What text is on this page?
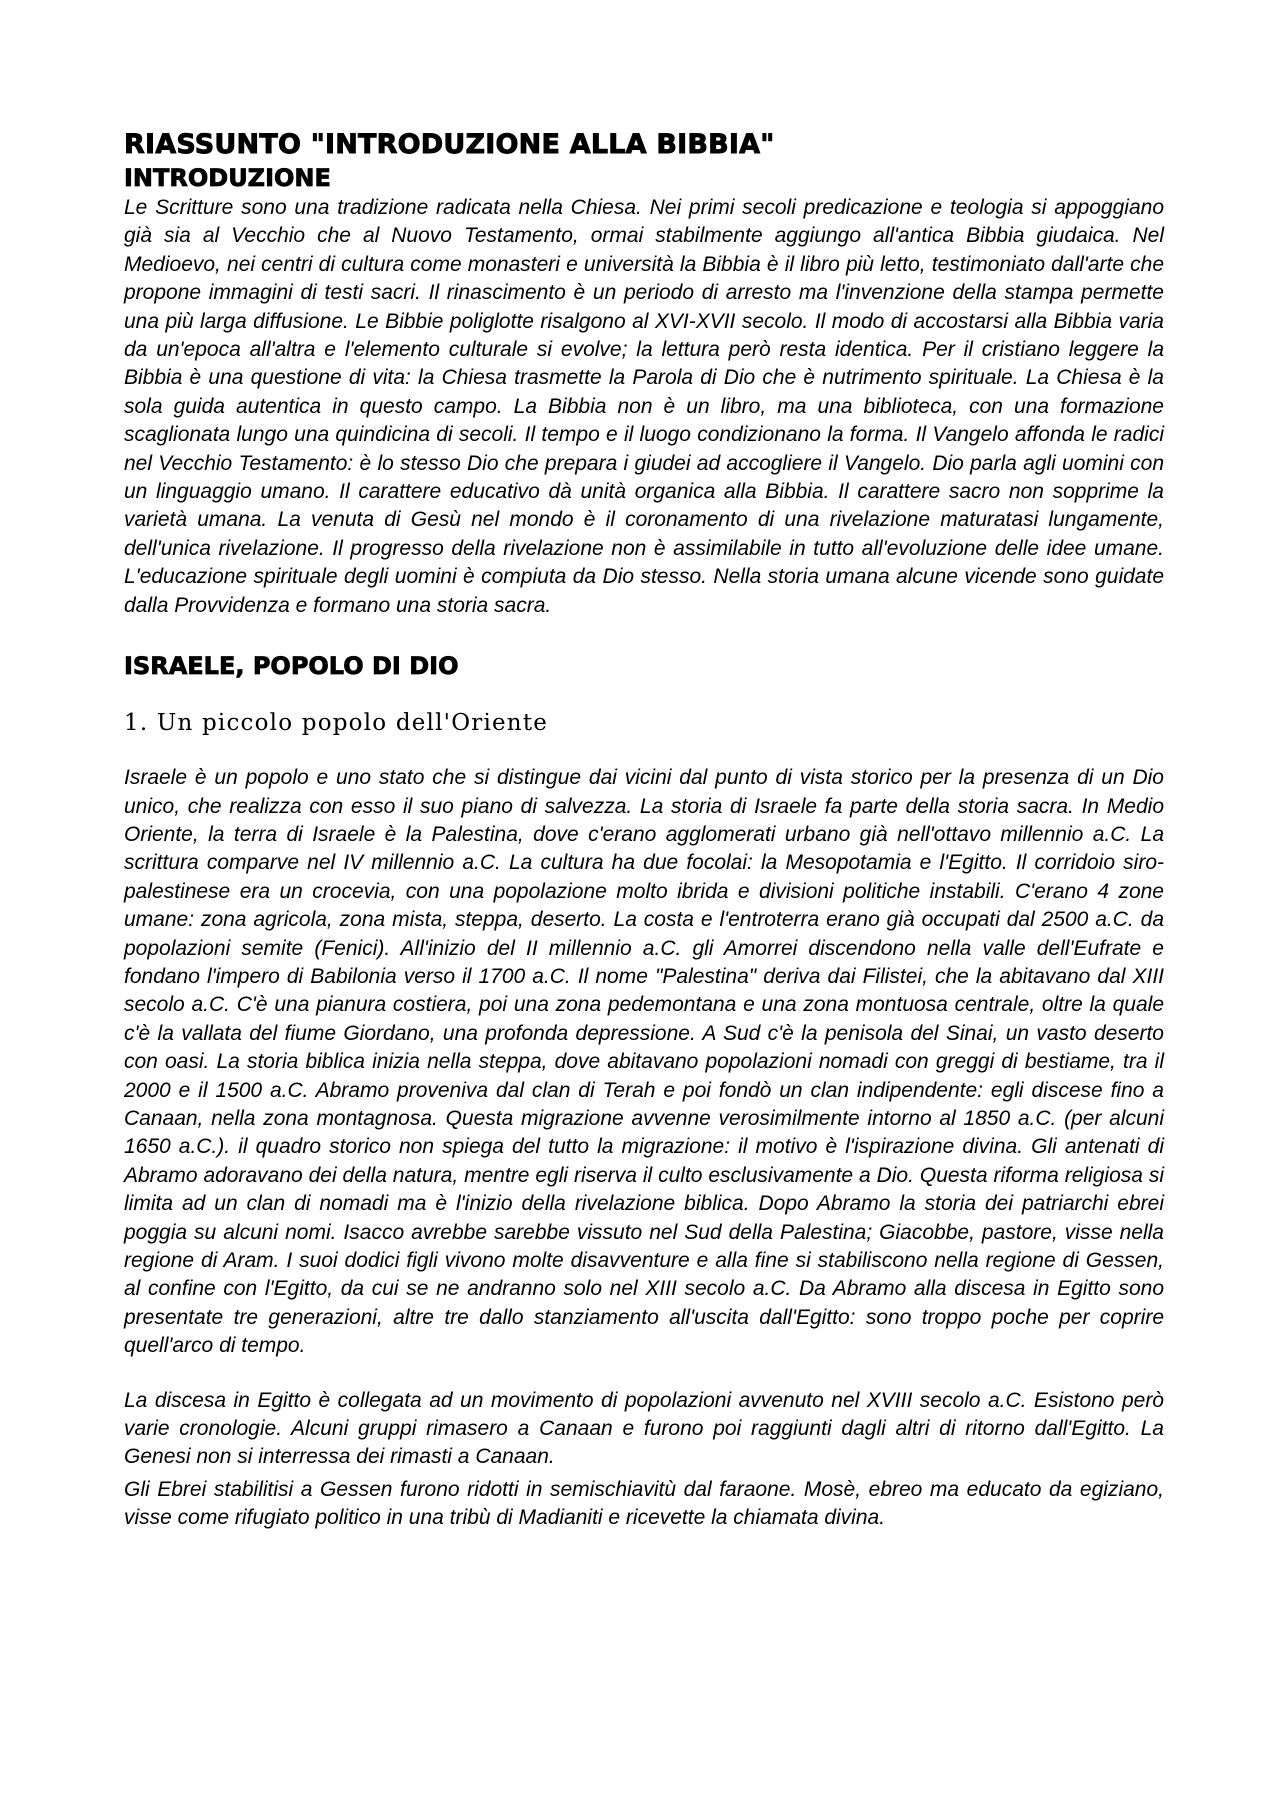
RIASSUNTO "INTRODUZIONE ALLA BIBBIA"
INTRODUZIONE

Le Scritture sono una tradizione radicata nella Chiesa. Nei primi secoli predicazione e teologia si appoggiano già sia al Vecchio che al Nuovo Testamento, ormai stabilmente aggiungo all'antica Bibbia giudaica. Nel Medioevo, nei centri di cultura come monasteri e università la Bibbia è il libro più letto, testimoniato dall'arte che propone immagini di testi sacri. Il rinascimento è un periodo di arresto ma l'invenzione della stampa permette una più larga diffusione. Le Bibbie poliglotte risalgono al XVI-XVII secolo. Il modo di accostarsi alla Bibbia varia da un'epoca all'altra e l'elemento culturale si evolve; la lettura però resta identica. Per il cristiano leggere la Bibbia è una questione di vita: la Chiesa trasmette la Parola di Dio che è nutrimento spirituale. La Chiesa è la sola guida autentica in questo campo. La Bibbia non è un libro, ma una biblioteca, con una formazione scaglionata lungo una quindicina di secoli. Il tempo e il luogo condizionano la forma. Il Vangelo affonda le radici nel Vecchio Testamento: è lo stesso Dio che prepara i giudei ad accogliere il Vangelo. Dio parla agli uomini con un linguaggio umano. Il carattere educativo dà unità organica alla Bibbia. Il carattere sacro non sopprime la varietà umana. La venuta di Gesù nel mondo è il coronamento di una rivelazione maturatasi lungamente, dell'unica rivelazione. Il progresso della rivelazione non è assimilabile in tutto all'evoluzione delle idee umane. L'educazione spirituale degli uomini è compiuta da Dio stesso. Nella storia umana alcune vicende sono guidate dalla Provvidenza e formano una storia sacra.

ISRAELE, POPOLO DI DIO
1. Un piccolo popolo dell'Oriente

Israele è un popolo e uno stato che si distingue dai vicini dal punto di vista storico per la presenza di un Dio unico, che realizza con esso il suo piano di salvezza. La storia di Israele fa parte della storia sacra. In Medio Oriente, la terra di Israele è la Palestina, dove c'erano agglomerati urbano già nell'ottavo millennio a.C. La scrittura comparve nel IV millennio a.C. La cultura ha due focolai: la Mesopotamia e l'Egitto. Il corridoio siro- palestinese era un crocevia, con una popolazione molto ibrida e divisioni politiche instabili. C'erano 4 zone umane: zona agricola, zona mista, steppa, deserto. La costa e l'entroterra erano già occupati dal 2500 a.C. da popolazioni semite (Fenici). All'inizio del II millennio a.C. gli Amorrei discendono nella valle dell'Eufrate e fondano l'impero di Babilonia verso il 1700 a.C. Il nome "Palestina" deriva dai Filistei, che la abitavano dal XIII secolo a.C. C'è una pianura costiera, poi una zona pedemontana e una zona montuosa centrale, oltre la quale c'è la vallata del fiume Giordano, una profonda depressione. A Sud c'è la penisola del Sinai, un vasto deserto con oasi. La storia biblica inizia nella steppa, dove abitavano popolazioni nomadi con greggi di bestiame, tra il 2000 e il 1500 a.C. Abramo proveniva dal clan di Terah e poi fondò un clan indipendente: egli discese fino a Canaan, nella zona montagnosa. Questa migrazione avvenne verosimilmente intorno al 1850 a.C. (per alcuni 1650 a.C.). il quadro storico non spiega del tutto la migrazione: il motivo è l'ispirazione divina. Gli antenati di Abramo adoravano dei della natura, mentre egli riserva il culto esclusivamente a Dio. Questa riforma religiosa si limita ad un clan di nomadi ma è l'inizio della rivelazione biblica. Dopo Abramo la storia dei patriarchi ebrei poggia su alcuni nomi. Isacco avrebbe sarebbe vissuto nel Sud della Palestina; Giacobbe, pastore, visse nella regione di Aram. I suoi dodici figli vivono molte disavventure e alla fine si stabiliscono nella regione di Gessen, al confine con l'Egitto, da cui se ne andranno solo nel XIII secolo a.C. Da Abramo alla discesa in Egitto sono presentate tre generazioni, altre tre dallo stanziamento all'uscita dall'Egitto: sono troppo poche per coprire quell'arco di tempo.

La discesa in Egitto è collegata ad un movimento di popolazioni avvenuto nel XVIII secolo a.C. Esistono però varie cronologie. Alcuni gruppi rimasero a Canaan e furono poi raggiunti dagli altri di ritorno dall'Egitto. La Genesi non si interressa dei rimasti a Canaan.

Gli Ebrei stabilitisi a Gessen furono ridotti in semischiavitù dal faraone. Mosè, ebreo ma educato da egiziano, visse come rifugiato politico in una tribù di Madianiti e ricevette la chiamata divina.
